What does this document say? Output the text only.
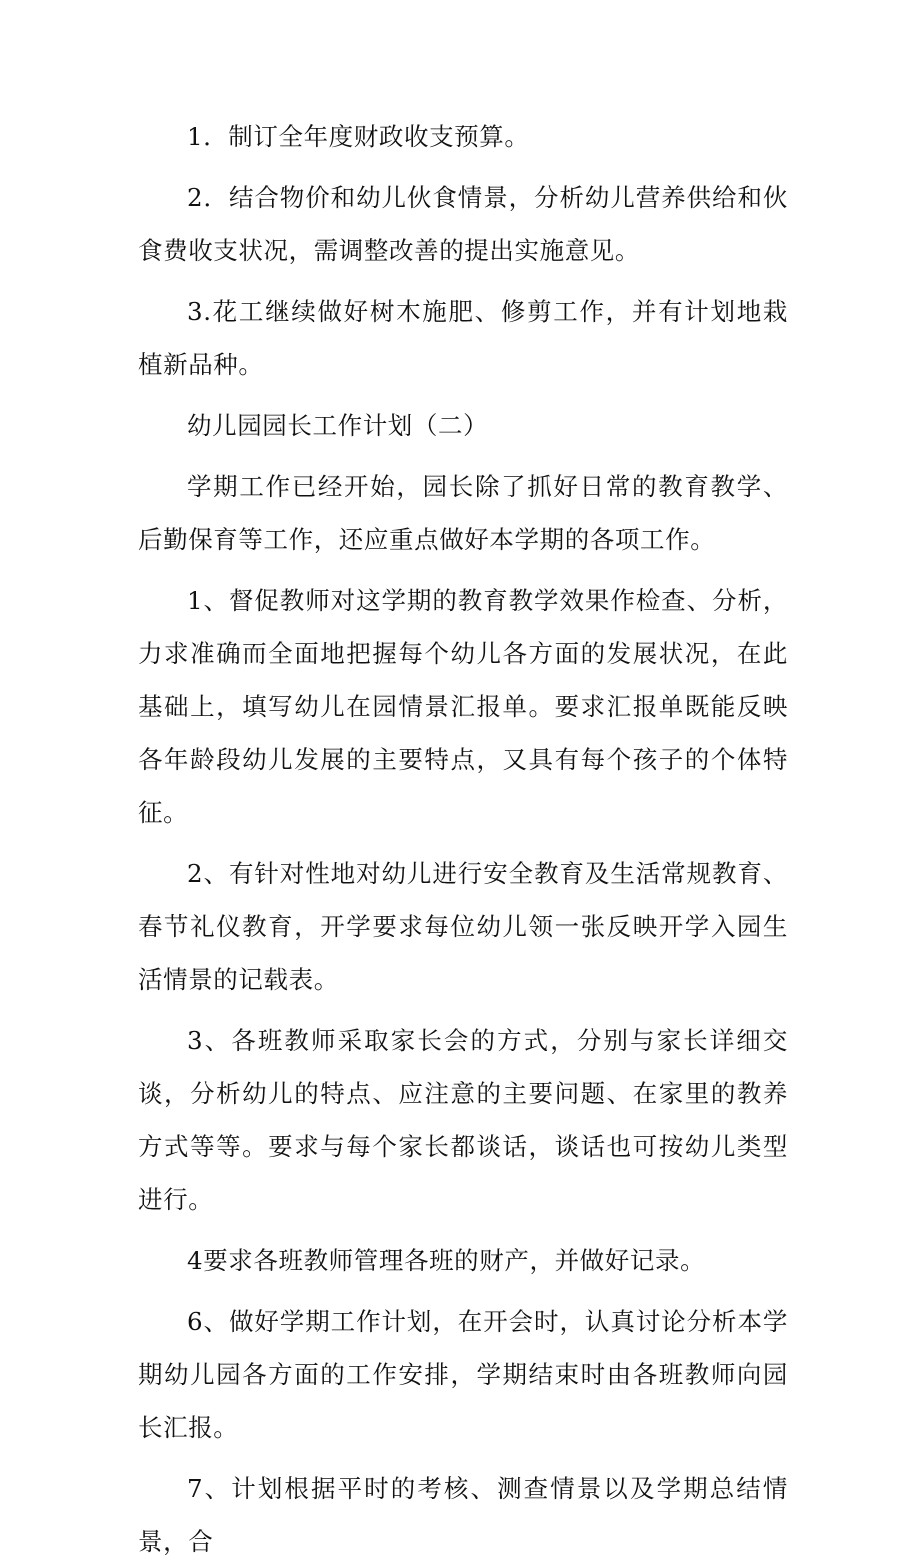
1．制订全年度财政收支预算。

2．结合物价和幼儿伙食情景，分析幼儿营养供给和伙食费收支状况，需调整改善的提出实施意见。

3.花工继续做好树木施肥、修剪工作，并有计划地栽植新品种。

幼儿园园长工作计划（二）

学期工作已经开始，园长除了抓好日常的教育教学、后勤保育等工作，还应重点做好本学期的各项工作。

1、督促教师对这学期的教育教学效果作检查、分析，力求准确而全面地把握每个幼儿各方面的发展状况，在此基础上，填写幼儿在园情景汇报单。要求汇报单既能反映各年龄段幼儿发展的主要特点，又具有每个孩子的个体特征。

2、有针对性地对幼儿进行安全教育及生活常规教育、春节礼仪教育，开学要求每位幼儿领一张反映开学入园生活情景的记载表。

3、各班教师采取家长会的方式，分别与家长详细交谈，分析幼儿的特点、应注意的主要问题、在家里的教养方式等等。要求与每个家长都谈话，谈话也可按幼儿类型进行。

4要求各班教师管理各班的财产，并做好记录。

6、做好学期工作计划，在开会时，认真讨论分析本学期幼儿园各方面的工作安排，学期结束时由各班教师向园长汇报。

7、计划根据平时的考核、测查情景以及学期总结情景，合
